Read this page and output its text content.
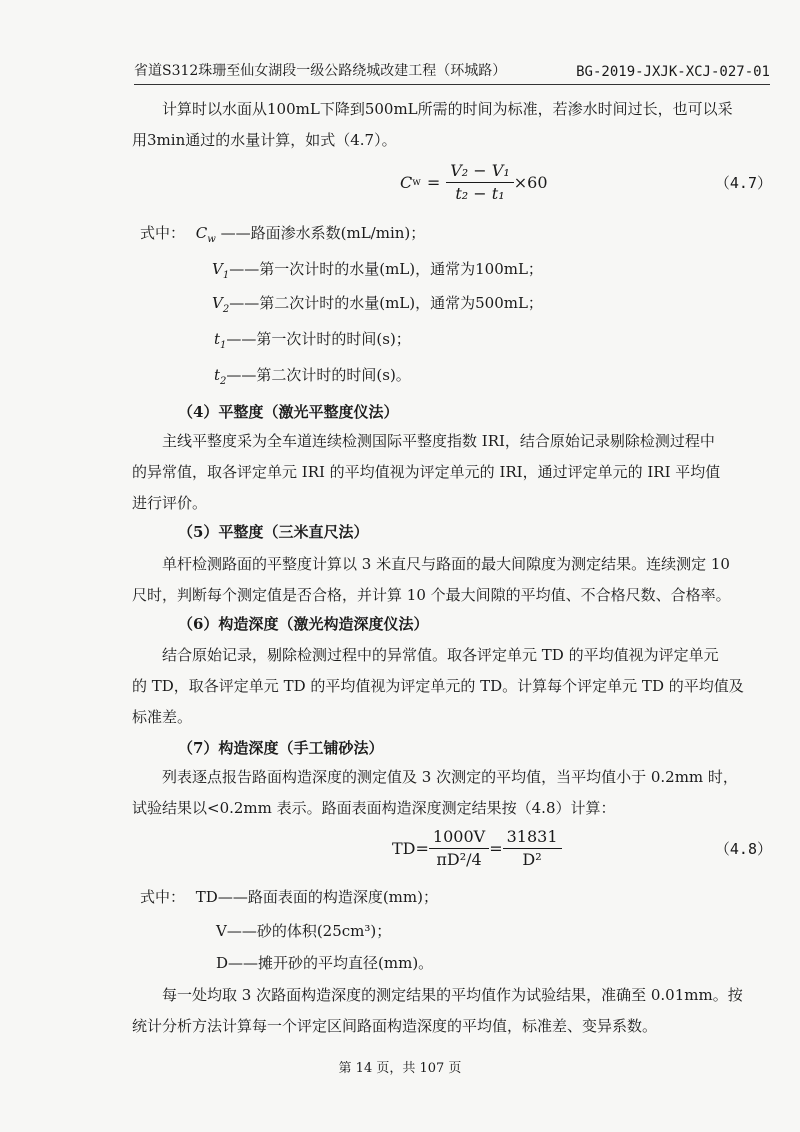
省道S312珠珊至仙女湖段一级公路绕城改建工程（环城路）	BG-2019-JXJK-XCJ-027-01
计算时以水面从100mL下降到500mL所需的时间为标准，若渗水时间过长，也可以采
用3min通过的水量计算，如式（4.7）。
C $w = \frac{\text{V₂ − V₁}}{\text{t₂ − t₁}} \times 60$	（4.7）
式中： $C_w$ ——路面渗水系数(mL/min)；
$V_1——$第一次计时的水量(mL)，通常为100mL；
$V_2——$第二次计时的水量(mL)，通常为500mL；
$t_1——$第一次计时的时间(s)；
$t_2——$第二次计时的时间(s)。
（4）平整度（激光平整度仪法）
主线平整度采为全车道连续检测国际平整度指数 IRI，结合原始记录剔除检测过程中
的异常值，取各评定单元 IRI 的平均值视为评定单元的 IRI，通过评定单元的 IRI 平均值
进行评价。
（5）平整度（三米直尺法）
单杆检测路面的平整度计算以 3 米直尺与路面的最大间隙度为测定结果。连续测定 10
尺时，判断每个测定值是否合格，并计算 10 个最大间隙的平均值、不合格尺数、合格率。
（6）构造深度（激光构造深度仪法）
结合原始记录，剔除检测过程中的异常值。取各评定单元 TD 的平均值视为评定单元
的 TD，取各评定单元 TD 的平均值视为评定单元的 TD。计算每个评定单元 TD 的平均值及
标准差。
（7）构造深度（手工铺砂法）
列表逐点报告路面构造深度的测定值及 3 次测定的平均值，当平均值小于 0.2mm 时，
试验结果以<0.2mm 表示。路面表面构造深度测定结果按（4.8）计算：
$TD= \frac{1000V}{\text{πD²/4}} = \frac{31831}{\text{D²}}$	（4.8）
式中： TD——路面表面的构造深度(mm)；
V——砂的体积(25cm³)；
D——摊开砂的平均直径(mm)。
每一处均取 3 次路面构造深度的测定结果的平均值作为试验结果，准确至 0.01mm。按
统计分析方法计算每一个评定区间路面构造深度的平均值，标准差、变异系数。
第 14 页，共 107 页
